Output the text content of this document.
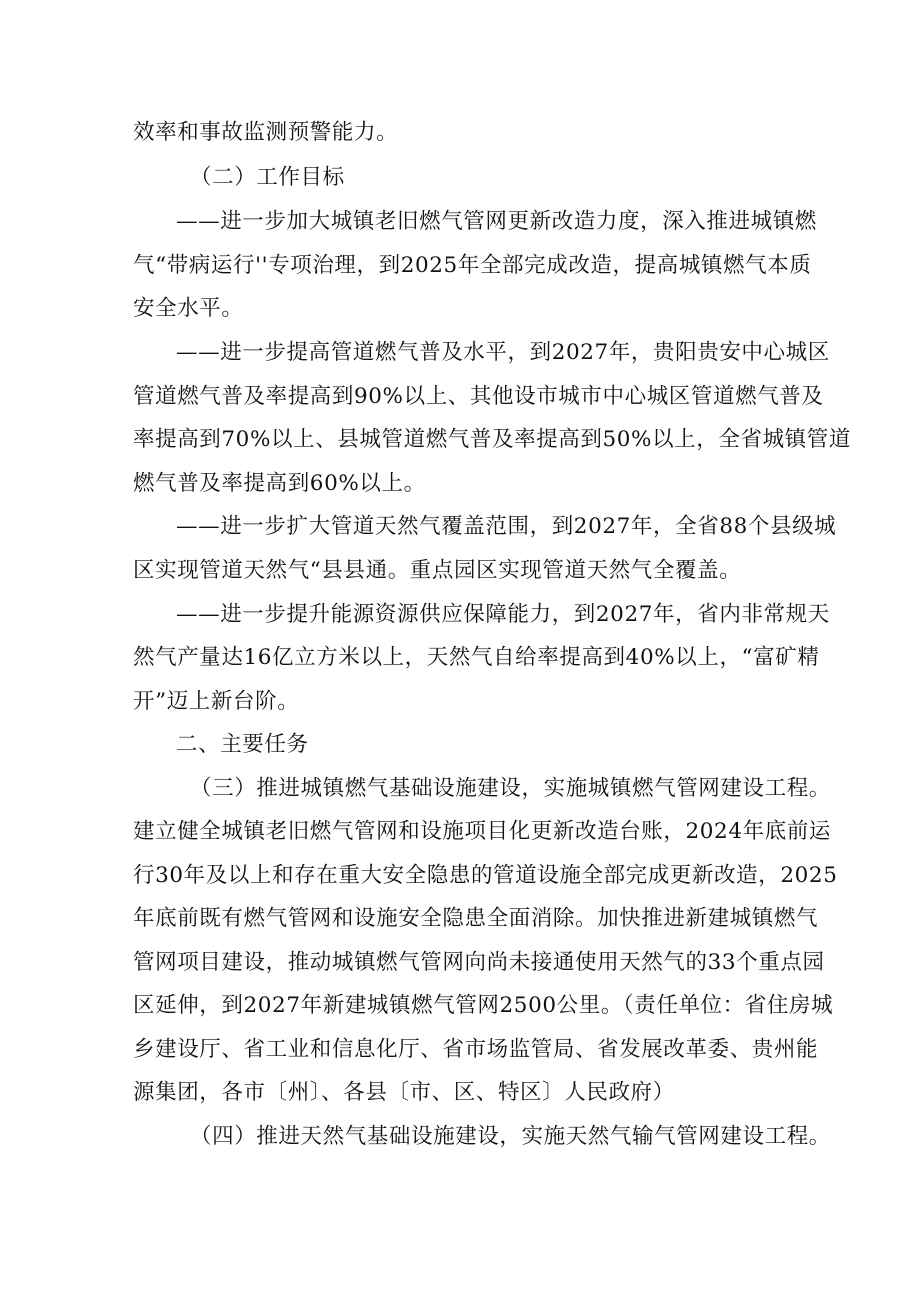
效率和事故监测预警能力。
（二）工作目标
——进一步加大城镇老旧燃气管网更新改造力度，深入推进城镇燃
气“带病运行''专项治理，到2025年全部完成改造，提高城镇燃气本质
安全水平。
——进一步提高管道燃气普及水平，到2027年，贵阳贵安中心城区
管道燃气普及率提高到90%以上、其他设市城市中心城区管道燃气普及
率提高到70%以上、县城管道燃气普及率提高到50%以上，全省城镇管道
燃气普及率提高到60%以上。
——进一步扩大管道天然气覆盖范围，到2027年，全省88个县级城
区实现管道天然气“县县通。重点园区实现管道天然气全覆盖。
——进一步提升能源资源供应保障能力，到2027年，省内非常规天
然气产量达16亿立方米以上，天然气自给率提高到40%以上，“富矿精
开”迈上新台阶。
二、主要任务
（三）推进城镇燃气基础设施建设，实施城镇燃气管网建设工程。
建立健全城镇老旧燃气管网和设施项目化更新改造台账，2024年底前运
行30年及以上和存在重大安全隐患的管道设施全部完成更新改造，2025
年底前既有燃气管网和设施安全隐患全面消除。加快推进新建城镇燃气
管网项目建设，推动城镇燃气管网向尚未接通使用天然气的33个重点园
区延伸，到2027年新建城镇燃气管网2500公里。（责任单位：省住房城
乡建设厅、省工业和信息化厅、省市场监管局、省发展改革委、贵州能
源集团，各市〔州〕、各县〔市、区、特区〕人民政府）
（四）推进天然气基础设施建设，实施天然气输气管网建设工程。
